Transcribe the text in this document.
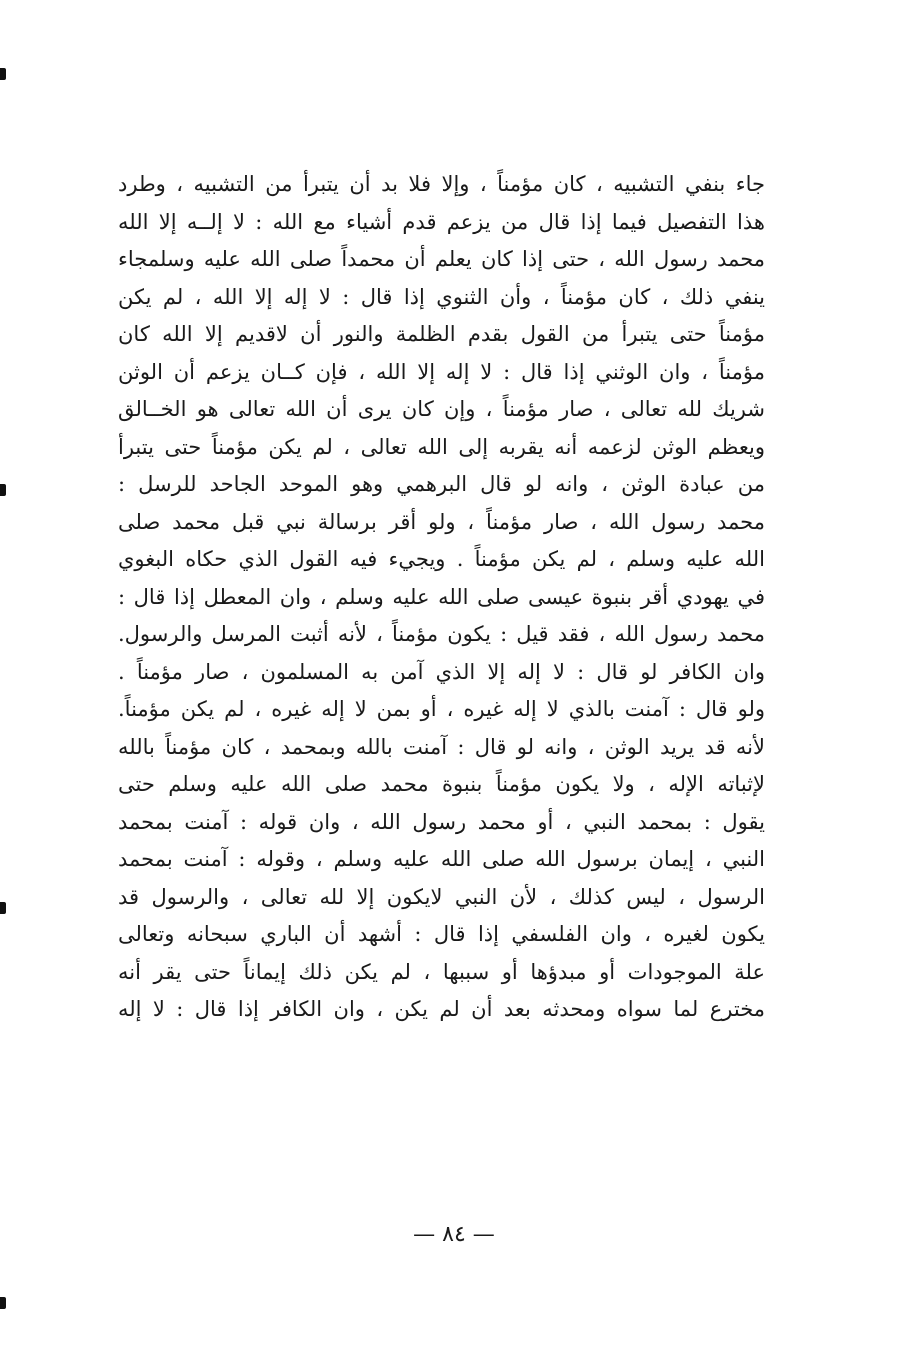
جاء بنفي التشبيه ، كان مؤمناً ، وإلا فلا بد أن يتبرأ من التشبيه ، وطرد
هذا التفصيل فيما إذا قال من يزعم قدم أشياء مع الله : لا إلــه إلا الله
محمد رسول الله ، حتى إذا كان يعلم أن محمداً صلى الله عليه وسلمجاء
ينفي ذلك ، كان مؤمناً ، وأن الثنوي إذا قال : لا إله إلا الله ، لم يكن
مؤمناً حتى يتبرأ من القول بقدم الظلمة والنور أن لاقديم إلا الله كان
مؤمناً ، وان الوثني إذا قال : لا إله إلا الله ، فإن كــان يزعم أن الوثن
شريك لله تعالى ، صار مؤمناً ، وإن كان يرى أن الله تعالى هو الخــالق
ويعظم الوثن لزعمه أنه يقربه إلى الله تعالى ، لم يكن مؤمناً حتى يتبرأ
من عبادة الوثن ، وانه لو قال البرهمي وهو الموحد الجاحد للرسل :
محمد رسول الله ، صار مؤمناً ، ولو أقر برسالة نبي قبل محمد صلى
الله عليه وسلم ، لم يكن مؤمناً . ويجيء فيه القول الذي حكاه البغوي
في يهودي أقر بنبوة عيسى صلى الله عليه وسلم ، وان المعطل إذا قال :
محمد رسول الله ، فقد قيل : يكون مؤمناً ، لأنه أثبت المرسل والرسول.
وان الكافر لو قال : لا إله إلا الذي آمن به المسلمون ، صار مؤمناً .
ولو قال : آمنت بالذي لا إله غيره ، أو بمن لا إله غيره ، لم يكن مؤمناً.
لأنه قد يريد الوثن ، وانه لو قال : آمنت بالله وبمحمد ، كان مؤمناً بالله
لإثباته الإله ، ولا يكون مؤمناً بنبوة محمد صلى الله عليه وسلم حتى
يقول : بمحمد النبي ، أو محمد رسول الله ، وان قوله : آمنت بمحمد
النبي ، إيمان برسول الله صلى الله عليه وسلم ، وقوله : آمنت بمحمد
الرسول ، ليس كذلك ، لأن النبي لايكون إلا لله تعالى ، والرسول قد
يكون لغيره ، وان الفلسفي إذا قال : أشهد أن الباري سبحانه وتعالى
علة الموجودات أو مبدؤها أو سببها ، لم يكن ذلك إيماناً حتى يقر أنه
مخترع لما سواه ومحدثه بعد أن لم يكن ، وان الكافر إذا قال : لا إله
— ٨٤ —
